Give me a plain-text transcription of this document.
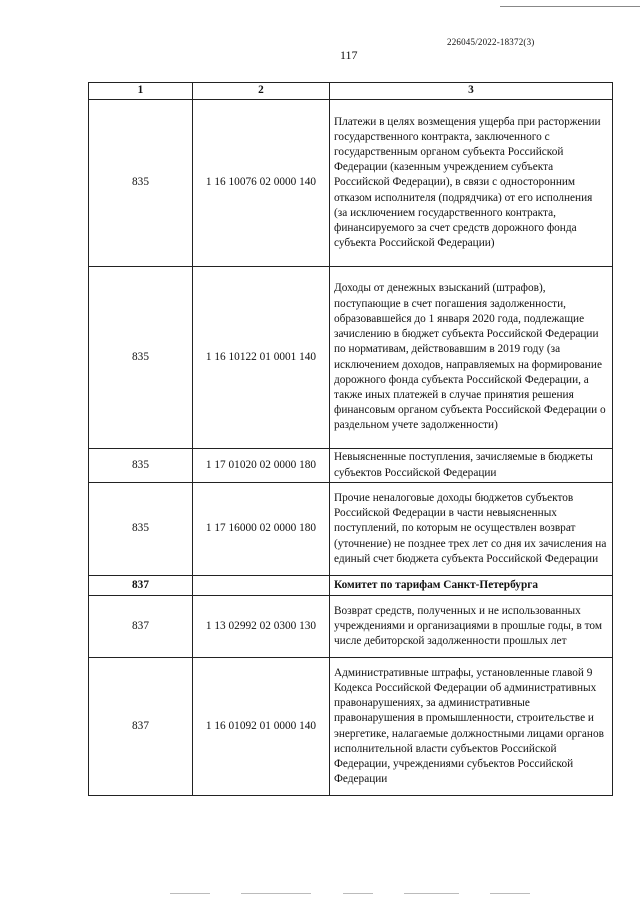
226045/2022-18372(3)
117
1	2	3
835	1 16 10076 02 0000 140	Платежи в целях возмещения ущерба при расторжении государственного контракта, заключенного с государственным органом субъекта Российской Федерации (казенным учреждением субъекта Российской Федерации), в связи с односторонним отказом исполнителя (подрядчика) от его исполнения (за исключением государственного контракта, финансируемого за счет средств дорожного фонда субъекта Российской Федерации)
835	1 16 10122 01 0001 140	Доходы от денежных взысканий (штрафов), поступающие в счет погашения задолженности, образовавшейся до 1 января 2020 года, подлежащие зачислению в бюджет субъекта Российской Федерации по нормативам, действовавшим в 2019 году (за исключением доходов, направляемых на формирование дорожного фонда субъекта Российской Федерации, а также иных платежей в случае принятия решения финансовым органом субъекта Российской Федерации о раздельном учете задолженности)
835	1 17 01020 02 0000 180	Невыясненные поступления, зачисляемые в бюджеты субъектов Российской Федерации
835	1 17 16000 02 0000 180	Прочие неналоговые доходы бюджетов субъектов Российской Федерации в части невыясненных поступлений, по которым не осуществлен возврат (уточнение) не позднее трех лет со дня их зачисления на единый счет бюджета субъекта Российской Федерации
837		Комитет по тарифам Санкт-Петербурга
837	1 13 02992 02 0300 130	Возврат средств, полученных и не использованных учреждениями и организациями в прошлые годы, в том числе дебиторской задолженности прошлых лет
837	1 16 01092 01 0000 140	Административные штрафы, установленные главой 9 Кодекса Российской Федерации об административных правонарушениях, за административные правонарушения в промышленности, строительстве и энергетике, налагаемые должностными лицами органов исполнительной власти субъектов Российской Федерации, учреждениями субъектов Российской Федерации
